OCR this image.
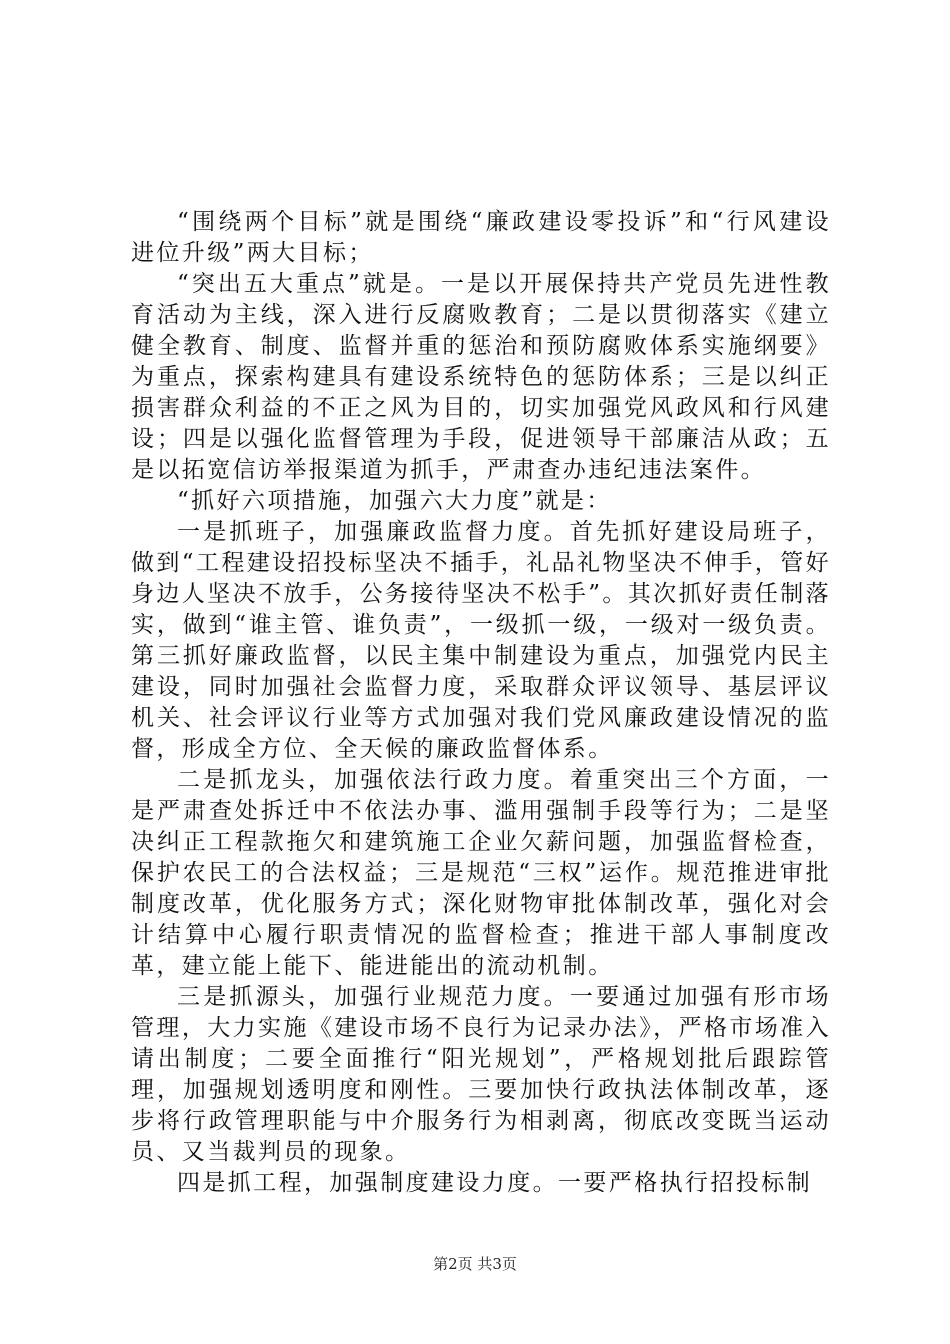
“围绕两个目标”就是围绕“廉政建设零投诉”和“行风建设进位升级”两大目标；

“突出五大重点”就是。一是以开展保持共产党员先进性教育活动为主线，深入进行反腐败教育；二是以贯彻落实《建立健全教育、制度、监督并重的惩治和预防腐败体系实施纲要》为重点，探索构建具有建设系统特色的惩防体系；三是以纠正损害群众利益的不正之风为目的，切实加强党风政风和行风建设；四是以强化监督管理为手段，促进领导干部廉洁从政；五是以拓宽信访举报渠道为抓手，严肃查办违纪违法案件。

“抓好六项措施，加强六大力度”就是：

一是抓班子，加强廉政监督力度。首先抓好建设局班子，做到“工程建设招投标坚决不插手，礼品礼物坚决不伸手，管好身边人坚决不放手，公务接待坚决不松手”。其次抓好责任制落实，做到“谁主管、谁负责”，一级抓一级，一级对一级负责。第三抓好廉政监督，以民主集中制建设为重点，加强党内民主建设，同时加强社会监督力度，采取群众评议领导、基层评议机关、社会评议行业等方式加强对我们党风廉政建设情况的监督，形成全方位、全天候的廉政监督体系。

二是抓龙头，加强依法行政力度。着重突出三个方面，一是严肃查处拆迁中不依法办事、滥用强制手段等行为；二是坚决纠正工程款拖欠和建筑施工企业欠薪问题，加强监督检查，保护农民工的合法权益；三是规范“三权”运作。规范推进审批制度改革，优化服务方式；深化财物审批体制改革，强化对会计结算中心履行职责情况的监督检查；推进干部人事制度改革，建立能上能下、能进能出的流动机制。

三是抓源头，加强行业规范力度。一要通过加强有形市场管理，大力实施《建设市场不良行为记录办法》，严格市场准入请出制度；二要全面推行“阳光规划”，严格规划批后跟踪管理，加强规划透明度和刚性。三要加快行政执法体制改革，逐步将行政管理职能与中介服务行为相剥离，彻底改变既当运动员、又当裁判员的现象。

四是抓工程，加强制度建设力度。一要严格执行招投标制

第2页 共3页
